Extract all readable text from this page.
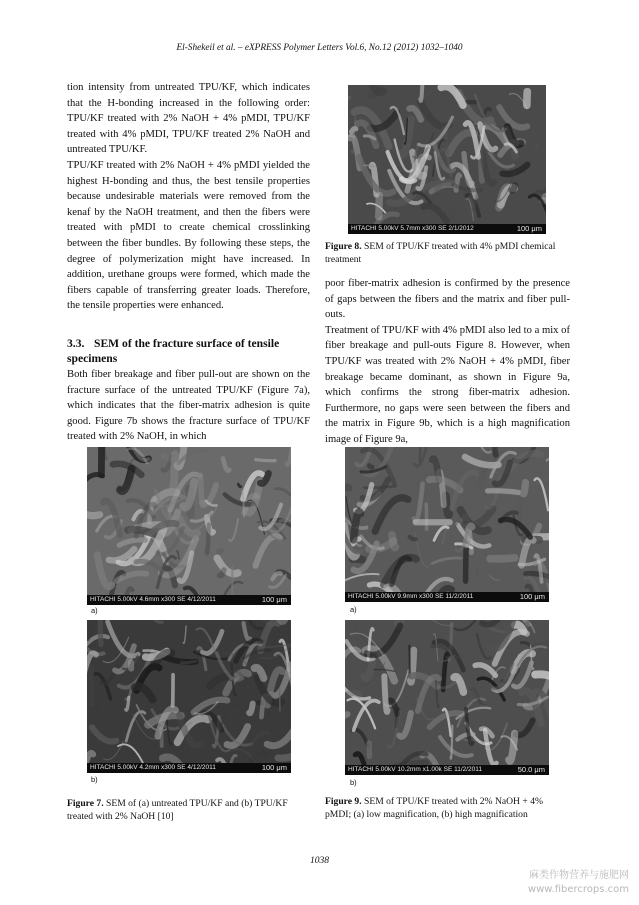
El-Shekeil et al. – eXPRESS Polymer Letters Vol.6, No.12 (2012) 1032–1040

tion intensity from untreated TPU/KF, which indicates that the H-bonding increased in the following order: TPU/KF treated with 2% NaOH + 4% pMDI, TPU/KF treated with 4% pMDI, TPU/KF treated 2% NaOH and untreated TPU/KF.

TPU/KF treated with 2% NaOH + 4% pMDI yielded the highest H-bonding and thus, the best tensile properties because undesirable materials were removed from the kenaf by the NaOH treatment, and then the fibers were treated with pMDI to create chemical crosslinking between the fiber bundles. By following these steps, the degree of polymerization might have increased. In addition, urethane groups were formed, which made the fibers capable of transferring greater loads. Therefore, the tensile properties were enhanced.

3.3. SEM of the fracture surface of tensile specimens

Both fiber breakage and fiber pull-out are shown on the fracture surface of the untreated TPU/KF (Figure 7a), which indicates that the fiber-matrix adhesion is quite good. Figure 7b shows the fracture surface of TPU/KF treated with 2% NaOH, in which

HITACHI 5.00kV 5.7mm x300 SE 2/1/2012	100 μm
Figure 8. SEM of TPU/KF treated with 4% pMDI chemical treatment

poor fiber-matrix adhesion is confirmed by the presence of gaps between the fibers and the matrix and fiber pull-outs.

Treatment of TPU/KF with 4% pMDI also led to a mix of fiber breakage and pull-outs Figure 8. However, when TPU/KF was treated with 2% NaOH + 4% pMDI, fiber breakage became dominant, as shown in Figure 9a, which confirms the strong fiber-matrix adhesion. Furthermore, no gaps were seen between the fibers and the matrix in Figure 9b, which is a high magnification image of Figure 9a,

HITACHI 5.00kV 4.6mm x300 SE 4/12/2011	100 μm
a)
HITACHI 5.00kV 4.2mm x300 SE 4/12/2011	100 μm
b)
Figure 7. SEM of (a) untreated TPU/KF and (b) TPU/KF treated with 2% NaOH [10]
HITACHI 5.00kV 9.9mm x300 SE 11/2/2011	100 μm
a)
HITACHI 5.00kV 10.2mm x1.00k SE 11/2/2011	50.0 μm
b)
Figure 9. SEM of TPU/KF treated with 2% NaOH + 4% pMDI; (a) low magnification, (b) high magnification
1038
麻类作物营养与施肥网
www.fibercrops.com
